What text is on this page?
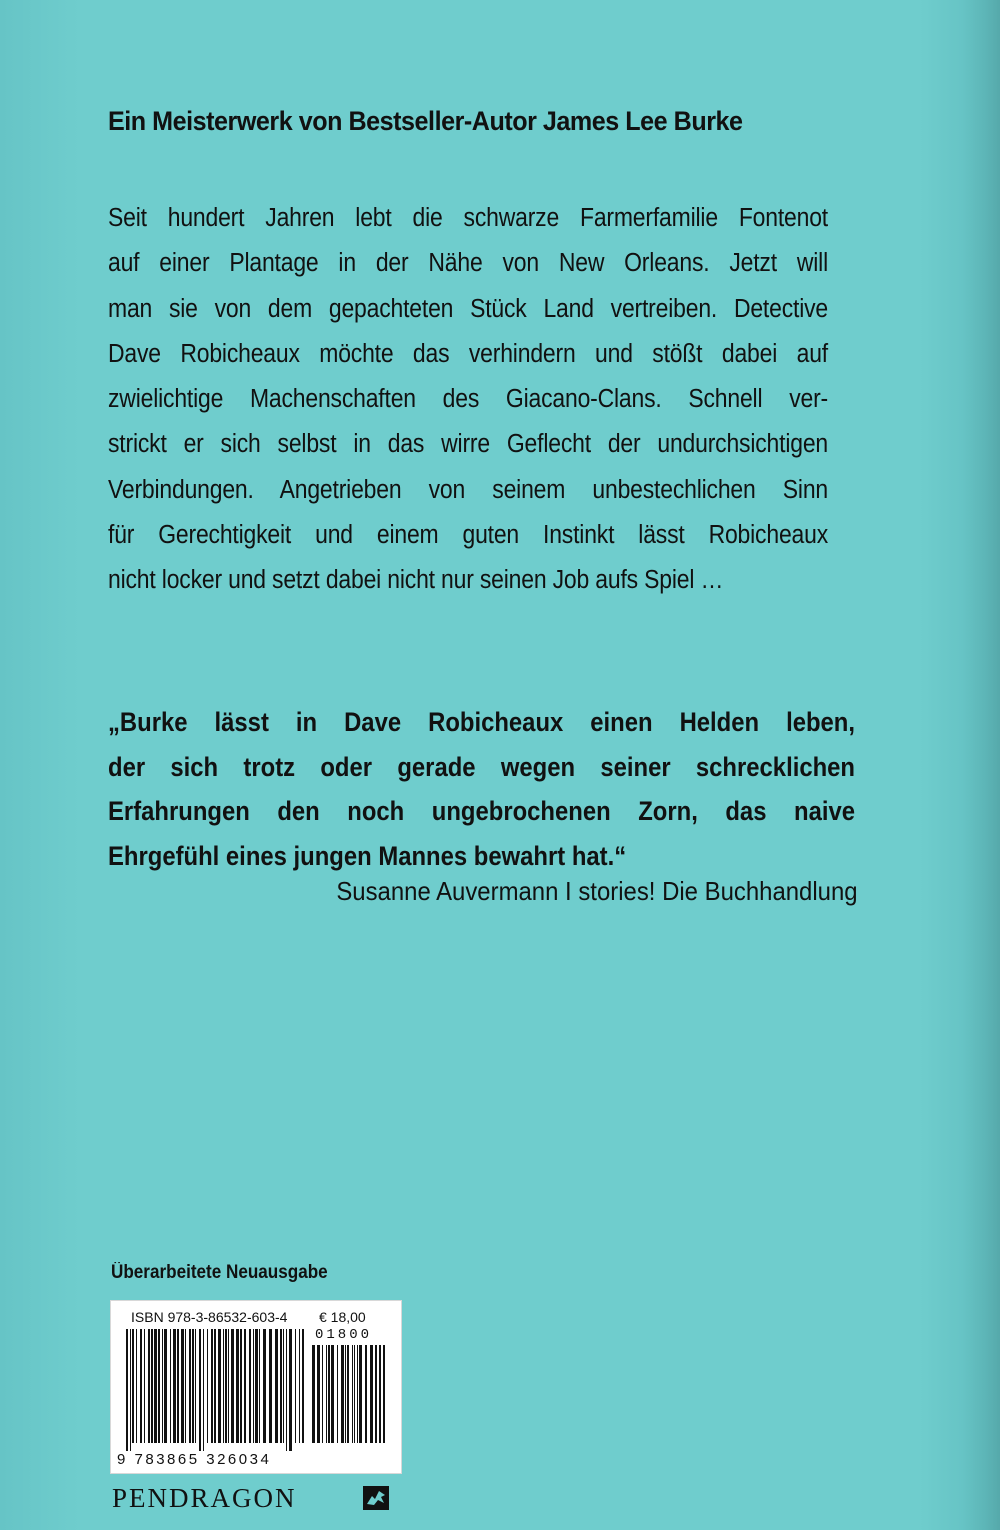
Ein Meisterwerk von Bestseller-Autor James Lee Burke
Seit hundert Jahren lebt die schwarze Farmerfamilie Fontenot
auf einer Plantage in der Nähe von New Orleans. Jetzt will
man sie von dem gepachteten Stück Land vertreiben. Detective
Dave Robicheaux möchte das verhindern und stößt dabei auf
zwielichtige Machenschaften des Giacano-Clans. Schnell ver-
strickt er sich selbst in das wirre Geflecht der undurchsichtigen
Verbindungen. Angetrieben von seinem unbestechlichen Sinn
für Gerechtigkeit und einem guten Instinkt lässt Robicheaux
nicht locker und setzt dabei nicht nur seinen Job aufs Spiel …
„Burke lässt in Dave Robicheaux einen Helden leben,
der sich trotz oder gerade wegen seiner schrecklichen
Erfahrungen den noch ungebrochenen Zorn, das naive
Ehrgefühl eines jungen Mannes bewahrt hat.“
Susanne Auvermann I stories! Die Buchhandlung
Überarbeitete Neuausgabe
ISBN 978-3-86532-603-4 € 18,00
01800
9 783865 326034
PENDRAGON
